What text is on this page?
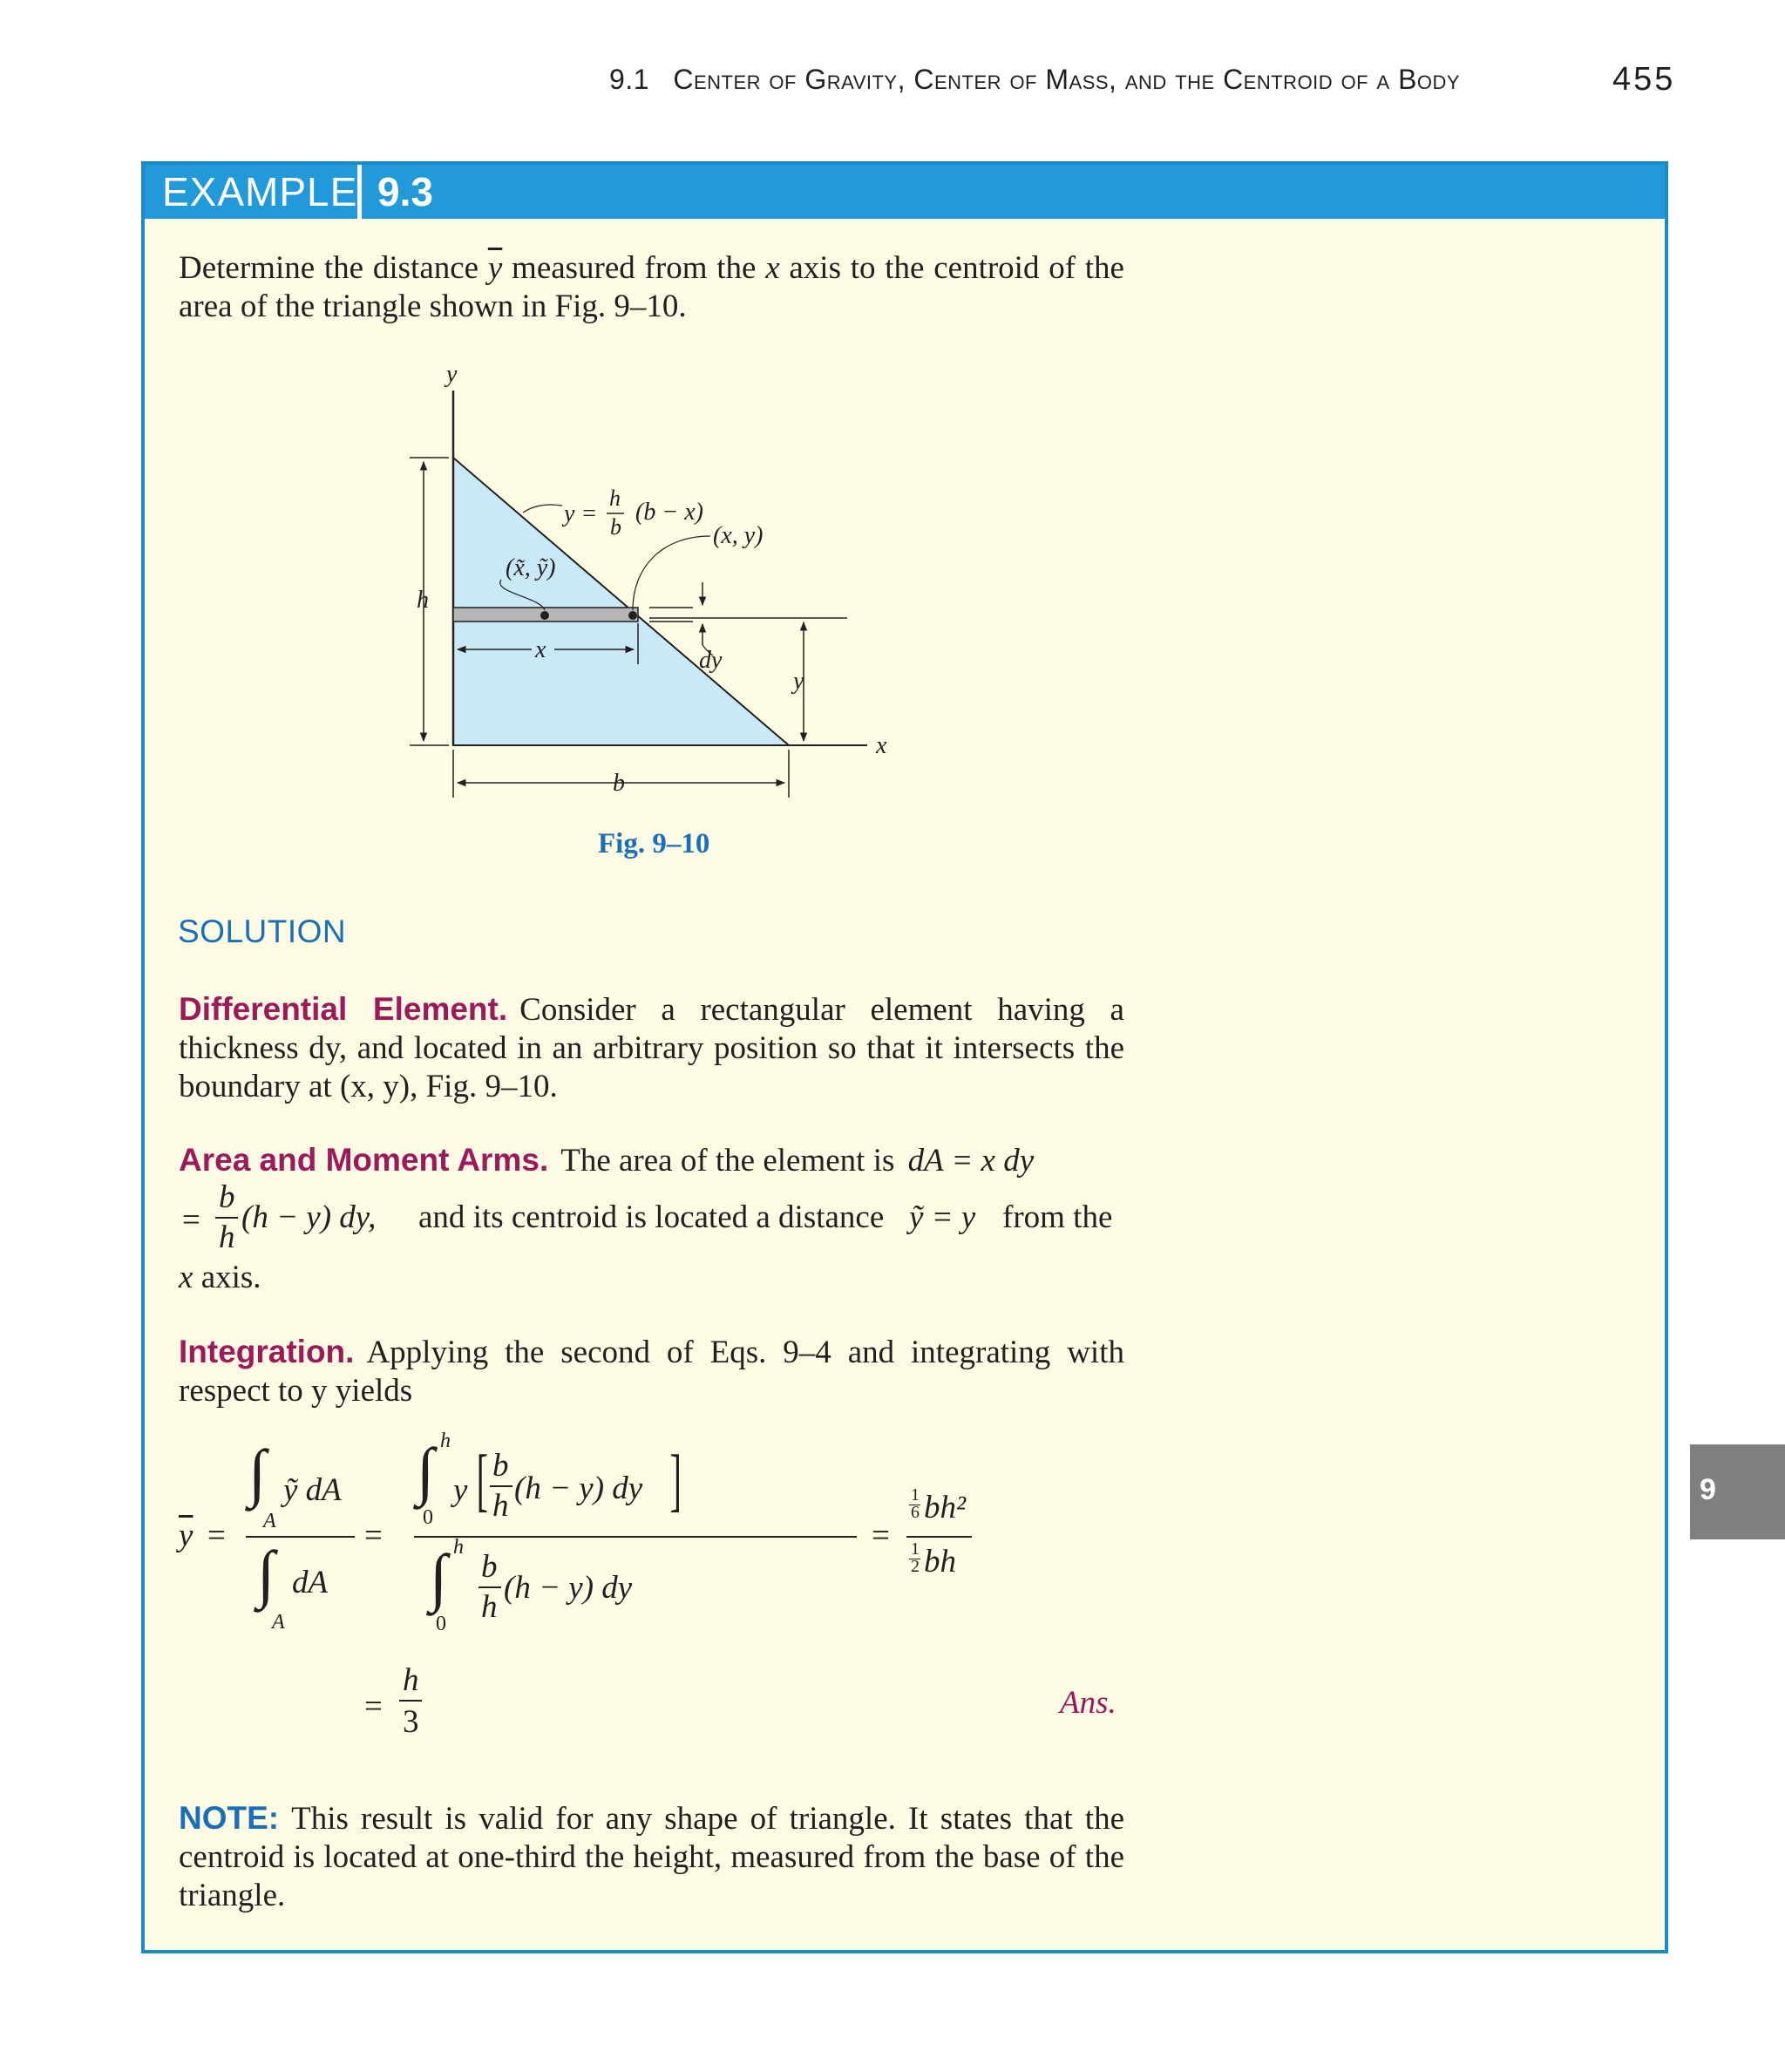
9.1 Center of Gravity, Center of Mass, and the Centroid of a Body	455
EXAMPLE 9.3
Determine the distance $\overline{y}$ measured from the x axis to the centroid of the area of the triangle shown in Fig. 9–10.
y
x
h
b
x
(x, y)
(x̃, ỹ)
dy
y
y =
h
b
(b − x)
Fig. 9–10
SOLUTION
Differential Element. Consider a rectangular element having a thickness dy, and located in an arbitrary position so that it intersects the boundary at (x, y), Fig. 9–10.
Area and Moment Arms. The area of the element is dA = x dy
=
b
h
(h − y) dy, and its centroid is located a distance ỹ = y from the
x axis.
Integration. Applying the second of Eqs. 9–4 and integrating with respect to y yields
$\overline{y}$ =
∫
A
ỹ dA
∫
A
dA
=
∫ h
0
y [ b
h (h − y) dy ]
∫ h
0
b
h
(h − y) dy
=
1
6 bh²
1
2 bh
=
h
3
Ans.
NOTE: This result is valid for any shape of triangle. It states that the centroid is located at one-third the height, measured from the base of the triangle.
9
